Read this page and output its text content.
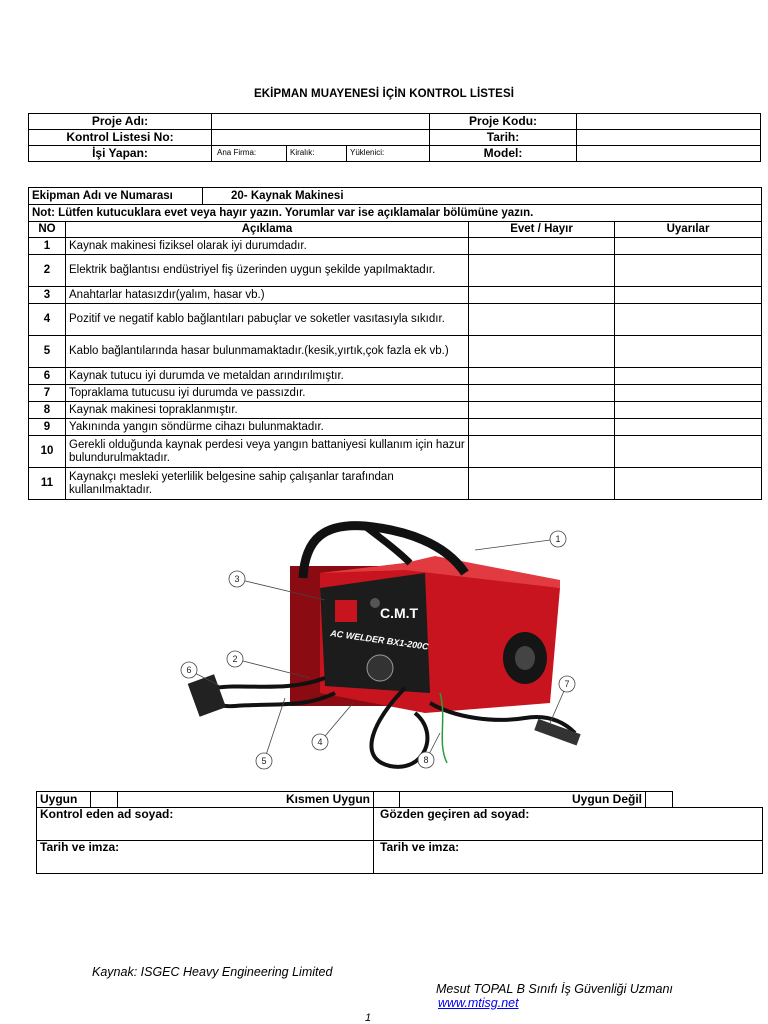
EKİPMAN MUAYENESİ İÇİN KONTROL LİSTESİ
Proje Adı:				Proje Kodu:	
Kontrol Listesi No:				Tarih:	
İşi Yapan:	Ana Firma:	Kiralık:	Yüklenici:	Model:	
Ekipman Adı ve Numarası		20- Kaynak Makinesi		
Not: Lütfen kutucuklara evet veya hayır yazın. Yorumlar var ise açıklamalar bölümüne yazın.				
NO	Açıklama		Evet / Hayır	Uyarılar
1	Kaynak makinesi fiziksel olarak iyi durumdadır.			
2	Elektrik bağlantısı endüstriyel fiş üzerinden uygun şekilde yapılmaktadır.			
3	Anahtarlar hatasızdır(yalım, hasar vb.)			
4	Pozitif ve negatif kablo bağlantıları pabuçlar ve soketler vasıtasıyla sıkıdır.			
5	Kablo bağlantılarında hasar bulunmamaktadır.(kesik,yırtık,çok fazla ek vb.)			
6	Kaynak tutucu iyi durumda ve metaldan arındırılmıştır.			
7	Topraklama tutucusu iyi durumda ve passızdır.			
8	Kaynak makinesi topraklanmıştır.			
9	Yakınında yangın söndürme cihazı bulunmaktadır.			
10	Gerekli olduğunda kaynak perdesi veya yangın battaniyesi kullanım için hazur bulundurulmaktadır.			
11	Kaynakçı mesleki yeterlilik belgesine sahip çalışanlar tarafından kullanılmaktadır.			
C.M.T
AC WELDER BX1-200C
1
2
3
4
5
6
7
8
Uygun		Kısmen Uygun		Uygun Değil		
Kontrol eden ad soyad:			Gözden geçiren ad soyad:			
Tarih ve imza:			Tarih ve imza:			
Kaynak: ISGEC Heavy Engineering Limited
Mesut TOPAL B Sınıfı İş Güvenliği Uzmanı
www.mtisg.net
1
